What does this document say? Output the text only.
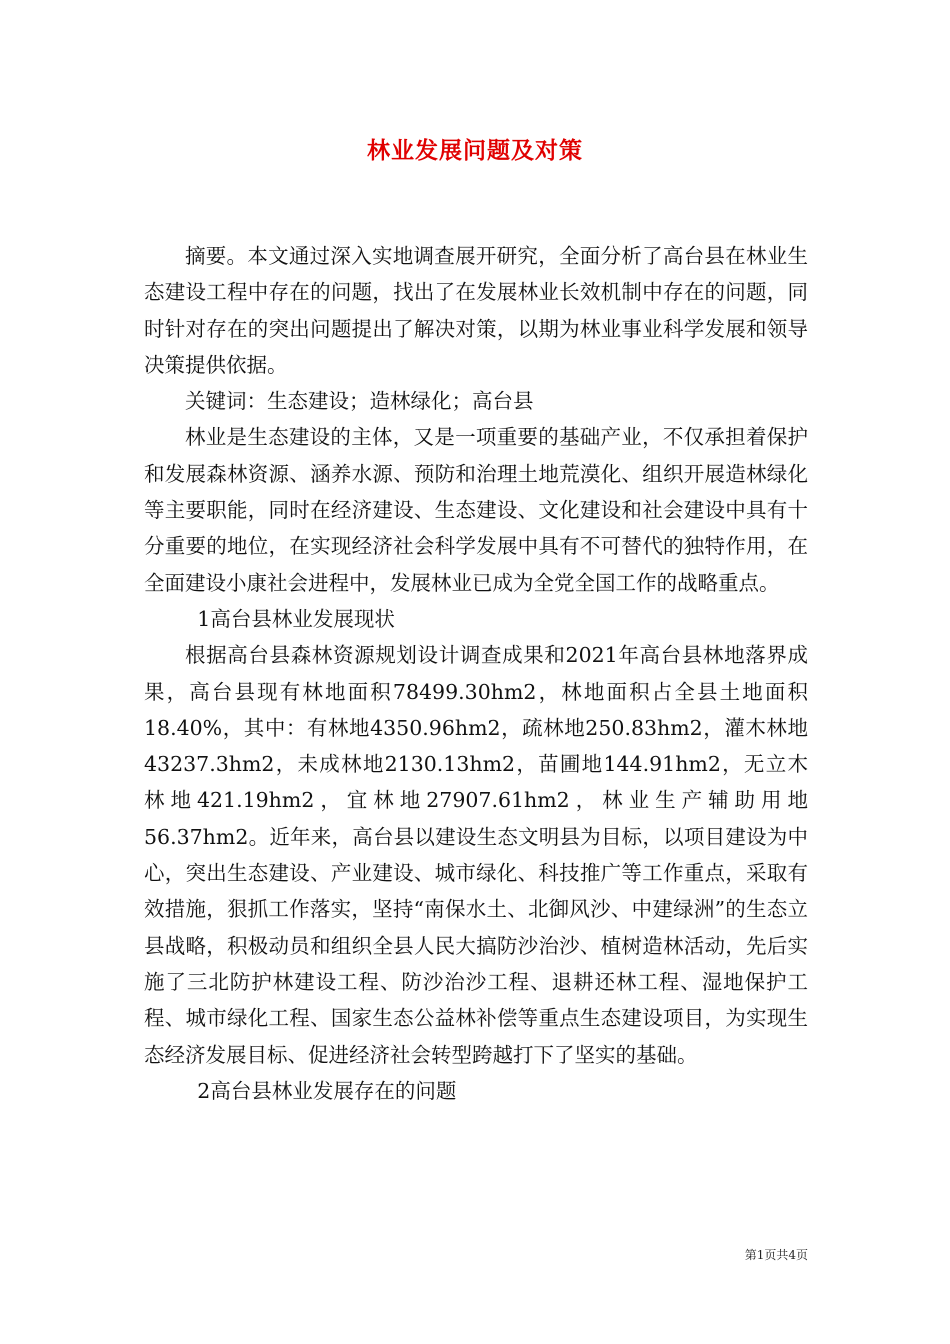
林业发展问题及对策

摘要。本文通过深入实地调查展开研究，全面分析了高台县在林业生态建设工程中存在的问题，找出了在发展林业长效机制中存在的问题，同时针对存在的突出问题提出了解决对策，以期为林业事业科学发展和领导决策提供依据。

关键词：生态建设；造林绿化；高台县

林业是生态建设的主体，又是一项重要的基础产业，不仅承担着保护和发展森林资源、涵养水源、预防和治理土地荒漠化、组织开展造林绿化等主要职能，同时在经济建设、生态建设、文化建设和社会建设中具有十分重要的地位，在实现经济社会科学发展中具有不可替代的独特作用，在全面建设小康社会进程中，发展林业已成为全党全国工作的战略重点。

1高台县林业发展现状

根据高台县森林资源规划设计调查成果和2021年高台县林地落界成果，高台县现有林地面积78499.30hm2，林地面积占全县土地面积18.40%，其中：有林地4350.96hm2，疏林地250.83hm2，灌木林地43237.3hm2，未成林地2130.13hm2，苗圃地144.91hm2，无立木林地421.19hm2，宜林地27907.61hm2，林业生产辅助用地56.37hm2。近年来，高台县以建设生态文明县为目标，以项目建设为中心，突出生态建设、产业建设、城市绿化、科技推广等工作重点，采取有效措施，狠抓工作落实，坚持“南保水土、北御风沙、中建绿洲”的生态立县战略，积极动员和组织全县人民大搞防沙治沙、植树造林活动，先后实施了三北防护林建设工程、防沙治沙工程、退耕还林工程、湿地保护工程、城市绿化工程、国家生态公益林补偿等重点生态建设项目，为实现生态经济发展目标、促进经济社会转型跨越打下了坚实的基础。

2高台县林业发展存在的问题

第1页共4页
